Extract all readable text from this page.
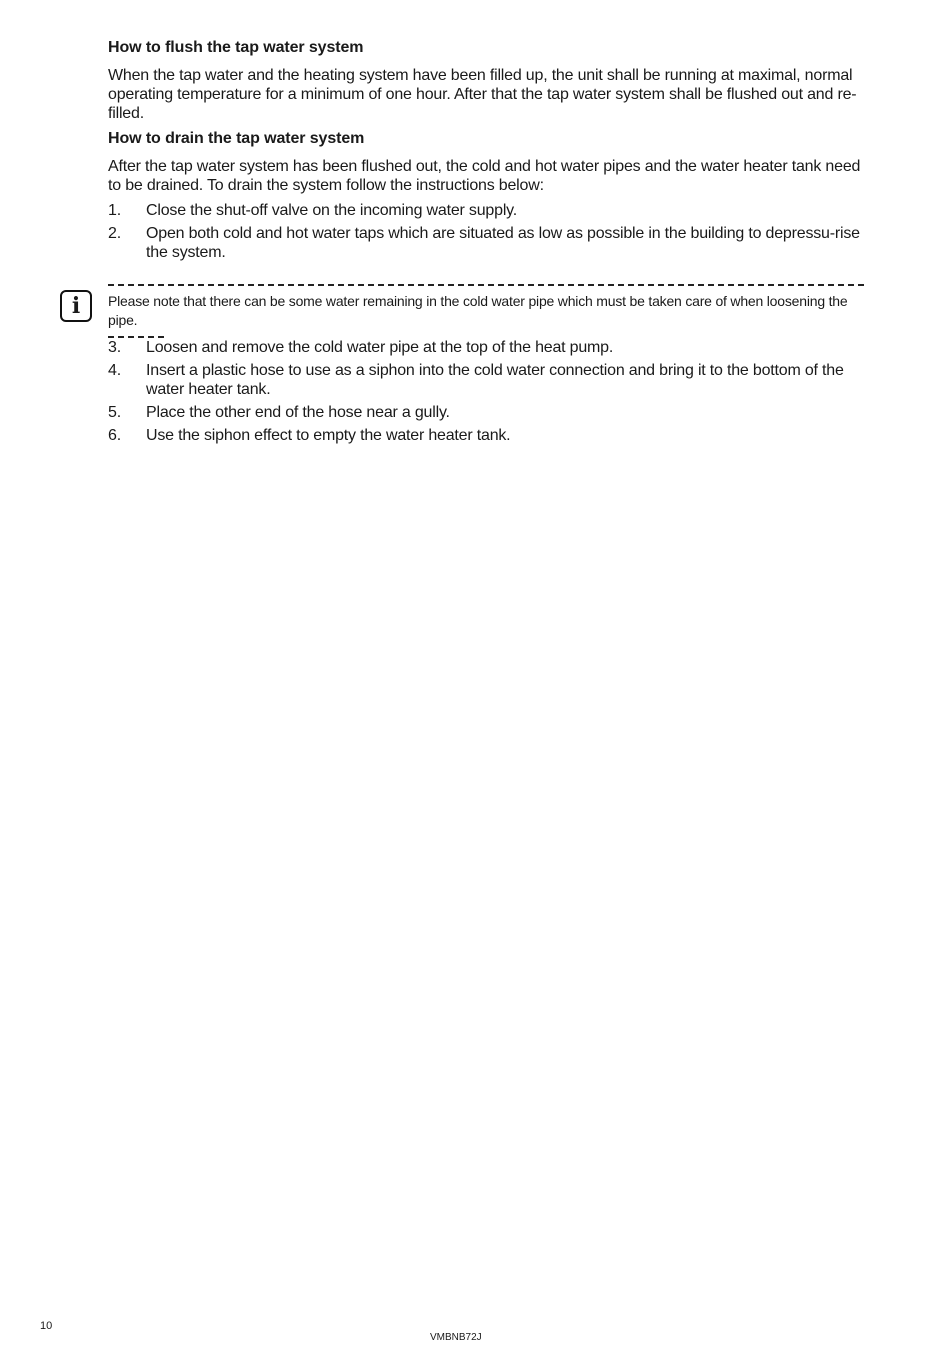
How to flush the tap water system

When the tap water and the heating system have been filled up, the unit shall be running at maximal, normal operating temperature for a minimum of one hour. After that the tap water system shall be flushed out and re-filled.

How to drain the tap water system

After the tap water system has been flushed out, the cold and hot water pipes and the water heater tank need to be drained. To drain the system follow the instructions below:

1. Close the shut-off valve on the incoming water supply.
2. Open both cold and hot water taps which are situated as low as possible in the building to depressu-rise the system.
i	Please note that there can be some water remaining in the cold water pipe which must be taken care of when loosening the pipe.
3. Loosen and remove the cold water pipe at the top of the heat pump.
4. Insert a plastic hose to use as a siphon into the cold water connection and bring it to the bottom of the water heater tank.
5. Place the other end of the hose near a gully.
6. Use the siphon effect to empty the water heater tank.
10
VMBNB72J
